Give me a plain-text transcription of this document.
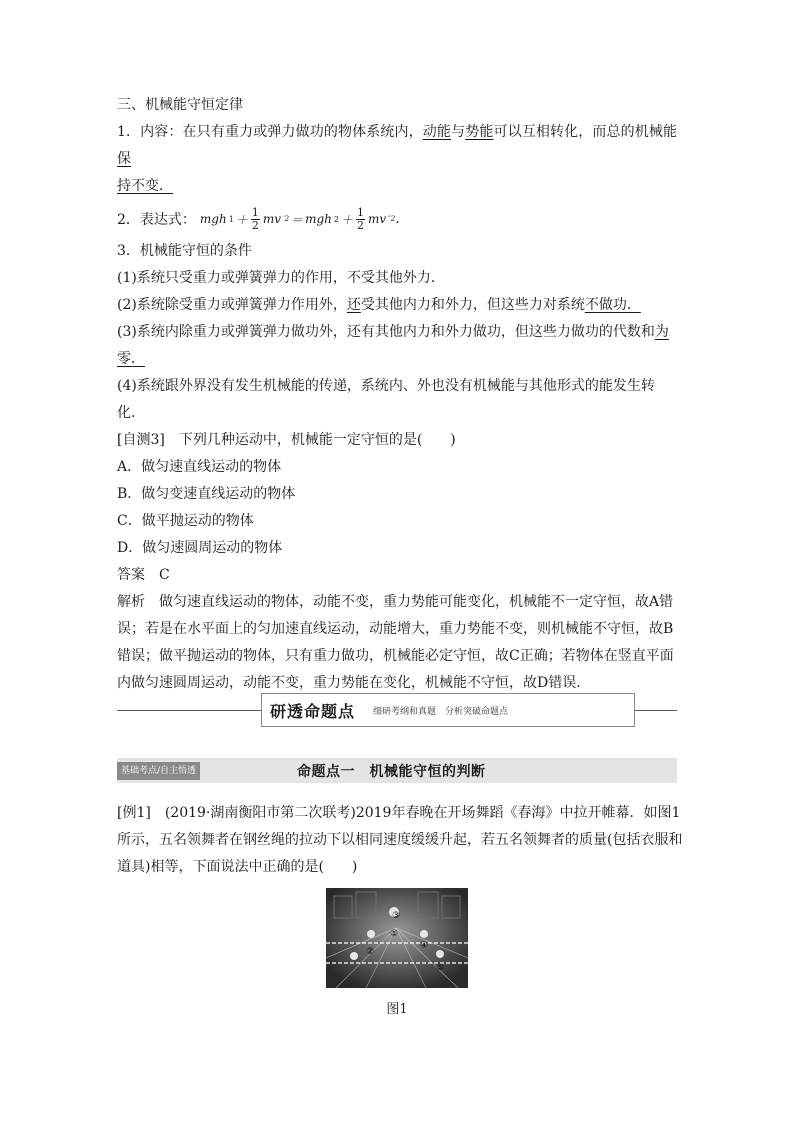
三、机械能守恒定律
1．内容：在只有重力或弹力做功的物体系统内，动能与势能可以互相转化，而总的机械能保
持不变．
2．表达式： mgh $1 + \frac{1}{2}$ mv ′2 ＝ mgh $2 + \frac{1}{2}$ mv ″2 .
3．机械能守恒的条件
(1)系统只受重力或弹簧弹力的作用，不受其他外力．
(2)系统除受重力或弹簧弹力作用外，还受其他内力和外力，但这些力对系统不做功．
(3)系统内除重力或弹簧弹力做功外，还有其他内力和外力做功，但这些力做功的代数和为
零．
(4)系统跟外界没有发生机械能的传递，系统内、外也没有机械能与其他形式的能发生转
化．
[自测3]　 下列几种运动中，机械能一定守恒的是(　　)
A．做匀速直线运动的物体
B．做匀变速直线运动的物体
C．做平抛运动的物体
D．做匀速圆周运动的物体
答案　 C
解析　 做匀速直线运动的物体，动能不变，重力势能可能变化，机械能不一定守恒，故A错
误；若是在水平面上的匀加速直线运动，动能增大，重力势能不变，则机械能不守恒，故B
错误；做平抛运动的物体，只有重力做功，机械能必定守恒，故C正确；若物体在竖直平面
内做匀速圆周运动，动能不变，重力势能在变化，机械能不守恒，故D错误.
研透命题点 细研考纲和真题　分析突破命题点
基础考点/自主悟透	命题点一　机械能守恒的判断
[例1]　(2019·湖南衡阳市第二次联考)2019年春晚在开场舞蹈《春海》中拉开帷幕．如图1
所示，五名领舞者在钢丝绳的拉动下以相同速度缓缓升起，若五名领舞者的质量(包括衣服和
道具)相等，下面说法中正确的是(　　)
①
②
③
④
⑤
图1
